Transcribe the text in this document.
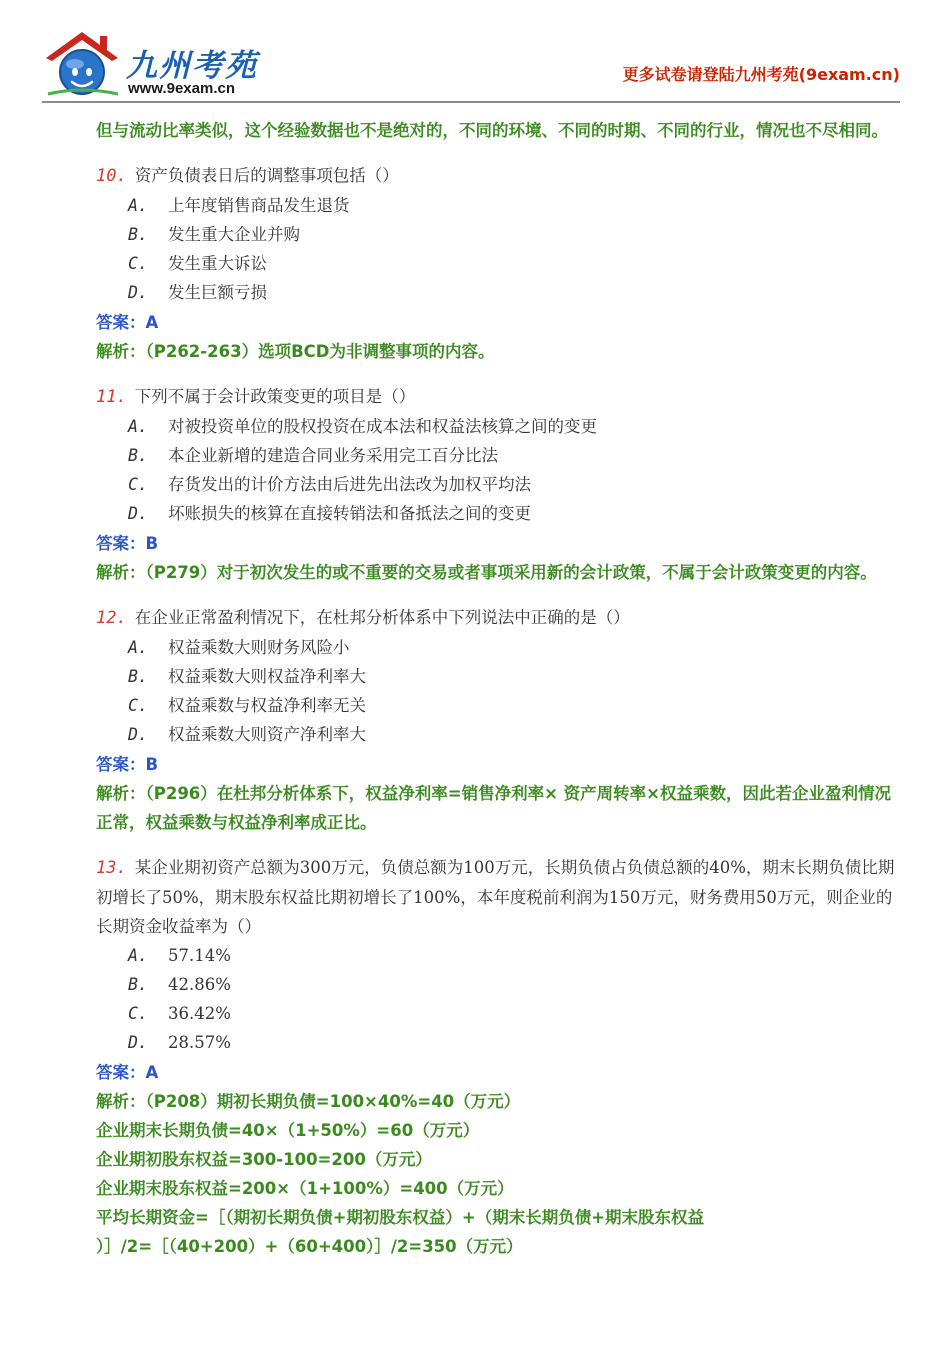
九州考苑
www.9exam.cn
更多试卷请登陆九州考苑(9exam.cn)
但与流动比率类似，这个经验数据也不是绝对的，不同的环境、不同的时期、不同的行业，情况也不尽相同。
10. 资产负债表日后的调整事项包括（）
A. 上年度销售商品发生退货
B. 发生重大企业并购
C. 发生重大诉讼
D. 发生巨额亏损
答案：A
解析：（P262-263）选项BCD为非调整事项的内容。
11. 下列不属于会计政策变更的项目是（）
A. 对被投资单位的股权投资在成本法和权益法核算之间的变更
B. 本企业新增的建造合同业务采用完工百分比法
C. 存货发出的计价方法由后进先出法改为加权平均法
D. 坏账损失的核算在直接转销法和备抵法之间的变更
答案：B
解析：（P279）对于初次发生的或不重要的交易或者事项采用新的会计政策，不属于会计政策变更的内容。
12. 在企业正常盈利情况下，在杜邦分析体系中下列说法中正确的是（）
A. 权益乘数大则财务风险小
B. 权益乘数大则权益净利率大
C. 权益乘数与权益净利率无关
D. 权益乘数大则资产净利率大
答案：B
解析：（P296）在杜邦分析体系下，权益净利率=销售净利率× 资产周转率×权益乘数，因此若企业盈利情况正常，权益乘数与权益净利率成正比。
13. 某企业期初资产总额为300万元，负债总额为100万元，长期负债占负债总额的40%，期末长期负债比期初增长了50%，期末股东权益比期初增长了100%，本年度税前利润为150万元，财务费用50万元，则企业的长期资金收益率为（）
A. 57.14%
B. 42.86%
C. 36.42%
D. 28.57%
答案：A
解析：（P208）期初长期负债=100×40%=40（万元）
企业期末长期负债=40×（1+50%）=60（万元）
企业期初股东权益=300-100=200（万元）
企业期末股东权益=200×（1+100%）=400（万元）
平均长期资金=［（期初长期负债+期初股东权益）+（期末长期负债+期末股东权益
）］/2=［（40+200）+（60+400）］/2=350（万元）
